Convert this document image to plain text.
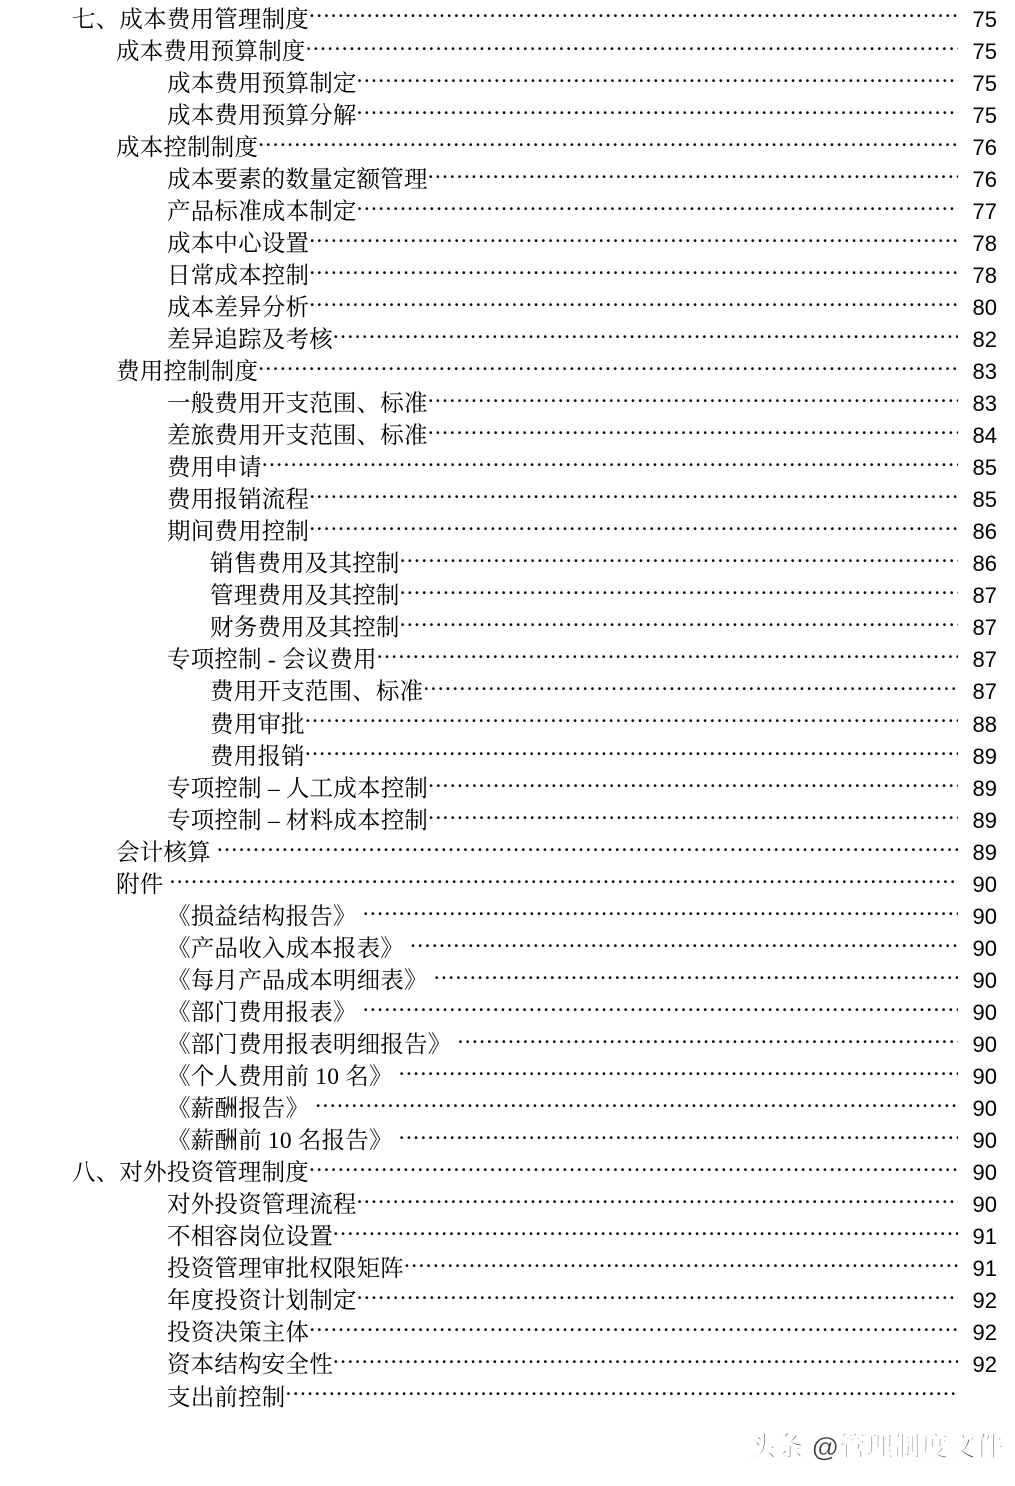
七、成本费用管理制度 .....	75
成本费用预算制度 .....	75
成本费用预算制定 .....	75
成本费用预算分解 .....	75
成本控制制度 .....	76
成本要素的数量定额管理 .....	76
产品标准成本制定 .....	77
成本中心设置 .....	78
日常成本控制 .....	78
成本差异分析 .....	80
差异追踪及考核 .....	82
费用控制制度 .....	83
一般费用开支范围、标准 .....	83
差旅费用开支范围、标准 .....	84
费用申请 .....	85
费用报销流程 .....	85
期间费用控制 .....	86
销售费用及其控制 .....	86
管理费用及其控制 .....	87
财务费用及其控制 .....	87
专项控制 - 会议费用 .....	87
费用开支范围、标准 .....	87
费用审批 .....	88
费用报销 .....	89
专项控制 – 人工成本控制 .....	89
专项控制 – 材料成本控制 .....	89
会计核算 .....	89
附件 .....	90
《损益结构报告》 .....	90
《产品收入成本报表》 .....	90
《每月产品成本明细表》 .....	90
《部门费用报表》 .....	90
《部门费用报表明细报告》 .....	90
《个人费用前 10 名》 .....	90
《薪酬报告》 .....	90
《薪酬前 10 名报告》 .....	90
八、对外投资管理制度 .....	90
对外投资管理流程 .....	90
不相容岗位设置 .....	91
投资管理审批权限矩阵 .....	91
年度投资计划制定 .....	92
投资决策主体 .....	92
资本结构安全性 .....	92
支出前控制
.....
头条 @管理制度文件
